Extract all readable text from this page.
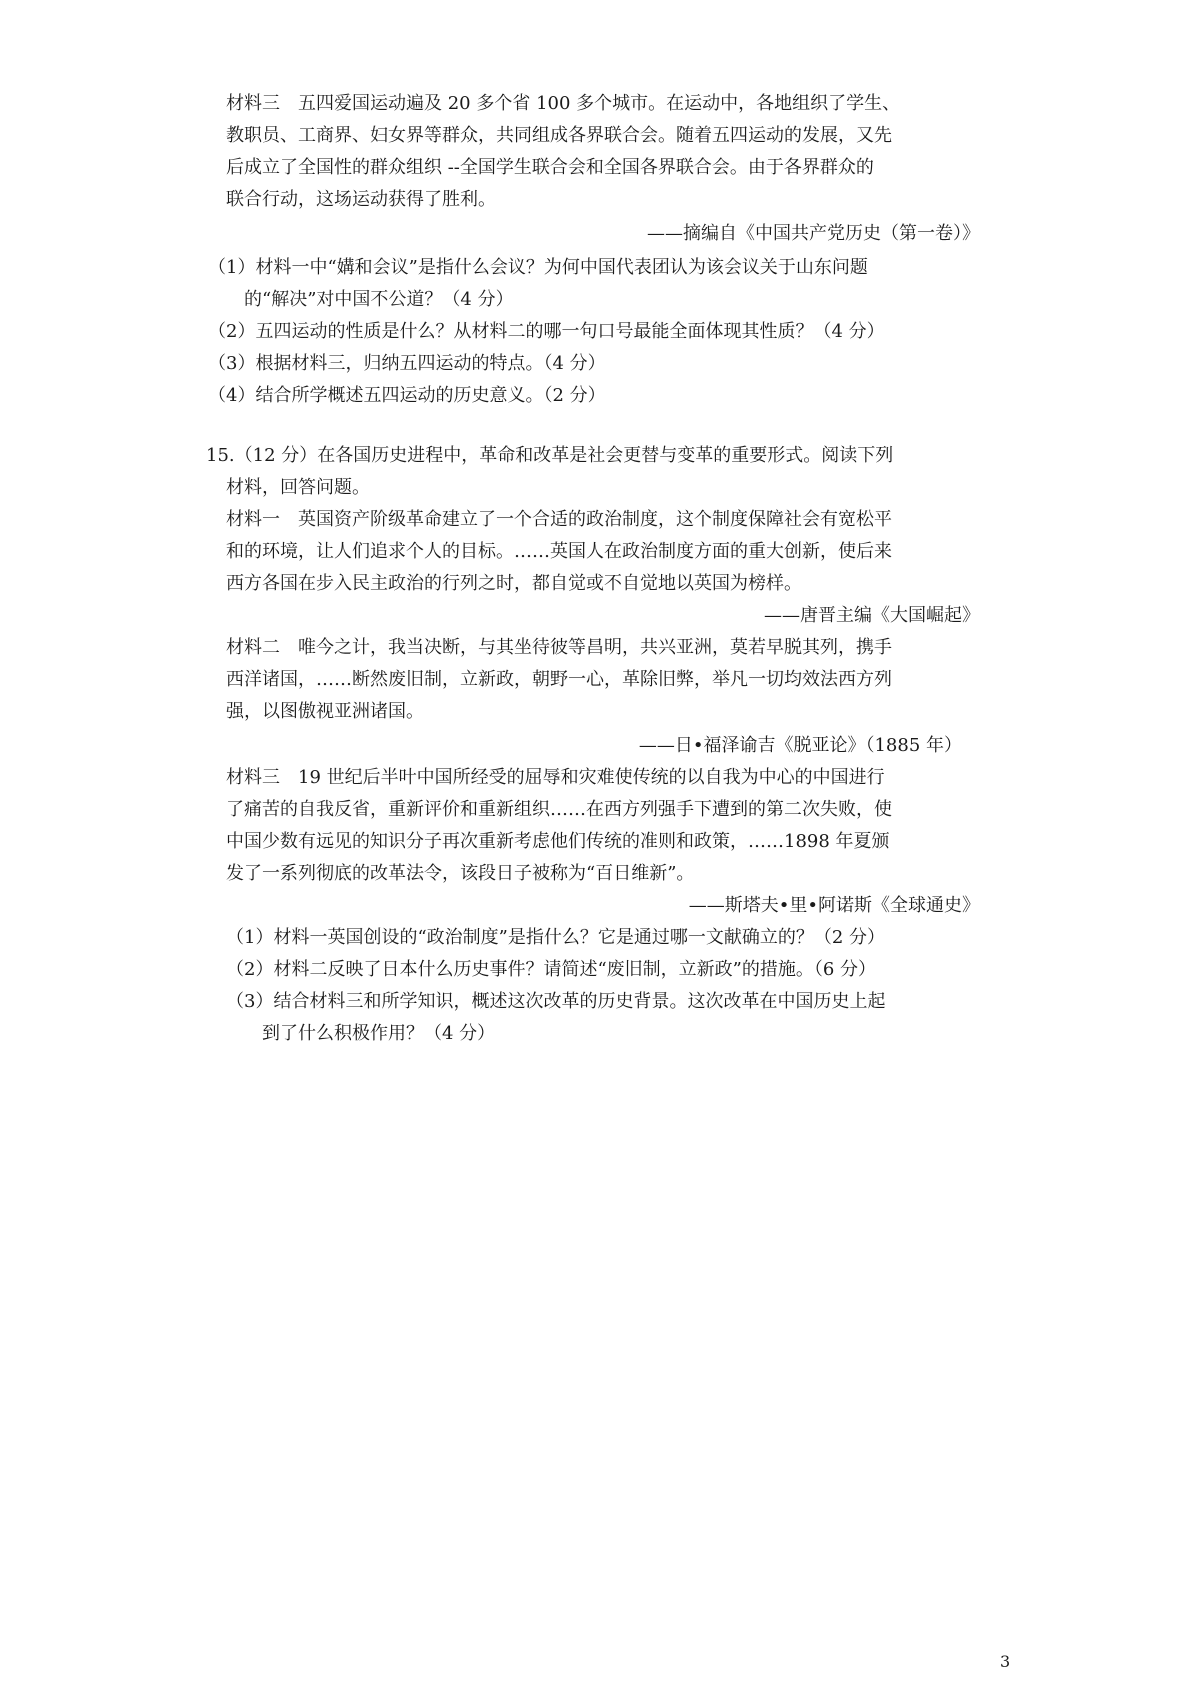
材料三　五四爱国运动遍及 20 多个省 100 多个城市。在运动中，各地组织了学生、
教职员、工商界、妇女界等群众，共同组成各界联合会。随着五四运动的发展，又先
后成立了全国性的群众组织 --全国学生联合会和全国各界联合会。由于各界群众的
联合行动，这场运动获得了胜利。
——摘编自《中国共产党历史（第一卷）》
（1）材料一中“媾和会议”是指什么会议？为何中国代表团认为该会议关于山东问题
的“解决”对中国不公道？（4 分）
（2）五四运动的性质是什么？从材料二的哪一句口号最能全面体现其性质？（4 分）
（3）根据材料三，归纳五四运动的特点。（4 分）
（4）结合所学概述五四运动的历史意义。（2 分）
15.（12 分）在各国历史进程中，革命和改革是社会更替与变革的重要形式。阅读下列
材料，回答问题。
材料一　英国资产阶级革命建立了一个合适的政治制度，这个制度保障社会有宽松平
和的环境，让人们追求个人的目标。……英国人在政治制度方面的重大创新，使后来
西方各国在步入民主政治的行列之时，都自觉或不自觉地以英国为榜样。
——唐晋主编《大国崛起》
材料二　唯今之计，我当决断，与其坐待彼等昌明，共兴亚洲，莫若早脱其列，携手
西洋诸国，……断然废旧制，立新政，朝野一心，革除旧弊，举凡一切均效法西方列
强，以图傲视亚洲诸国。
——日•福泽谕吉《脱亚论》（1885 年）
材料三　19 世纪后半叶中国所经受的屈辱和灾难使传统的以自我为中心的中国进行
了痛苦的自我反省，重新评价和重新组织……在西方列强手下遭到的第二次失败，使
中国少数有远见的知识分子再次重新考虑他们传统的准则和政策，……1898 年夏颁
发了一系列彻底的改革法令，该段日子被称为“百日维新”。
——斯塔夫•里•阿诺斯《全球通史》
（1）材料一英国创设的“政治制度”是指什么？它是通过哪一文献确立的？（2 分）
（2）材料二反映了日本什么历史事件？请简述“废旧制，立新政”的措施。（6 分）
（3）结合材料三和所学知识，概述这次改革的历史背景。这次改革在中国历史上起
到了什么积极作用？（4 分）
3
